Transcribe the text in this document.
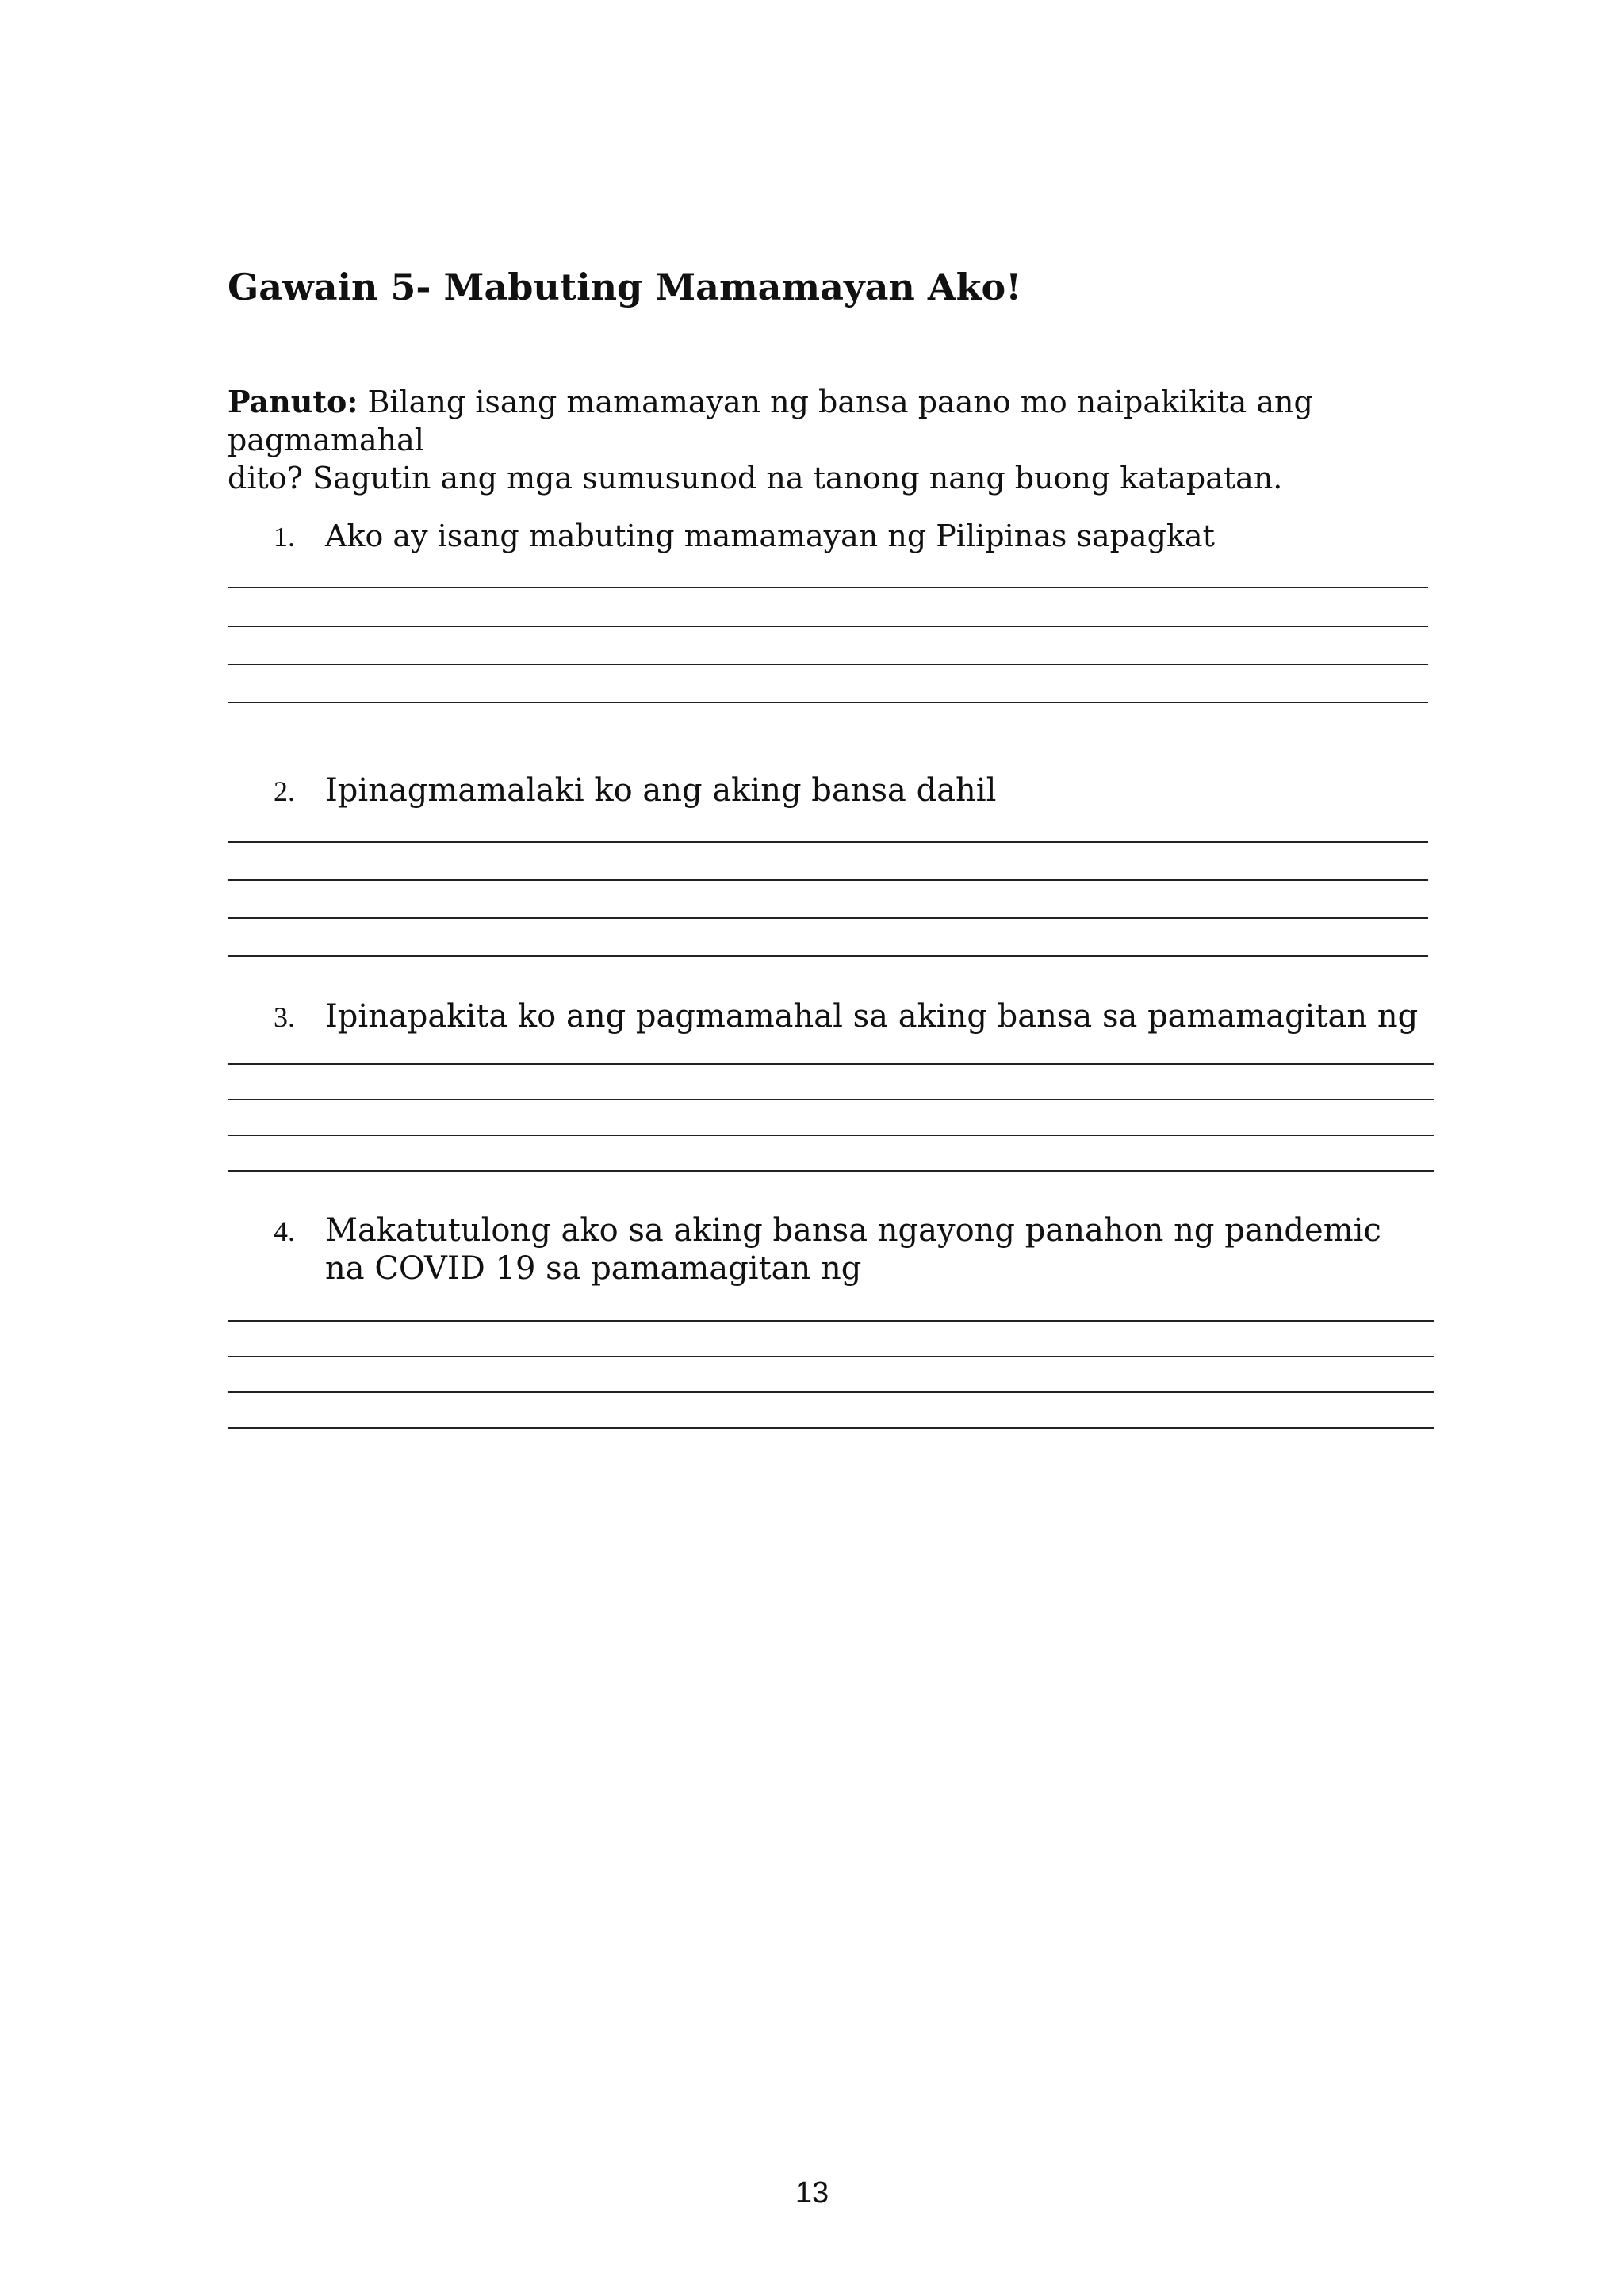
Gawain 5- Mabuting Mamamayan Ako!

Panuto: Bilang isang mamamayan ng bansa paano mo naipakikita ang pagmamahal
dito? Sagutin ang mga sumusunod na tanong nang buong katapatan.

1. Ako ay isang mabuting mamamayan ng Pilipinas sapagkat

2. Ipinagmamalaki ko ang aking bansa dahil

3. Ipinapakita ko ang pagmamahal sa aking bansa sa pamamagitan ng

4. Makatutulong ako sa aking bansa ngayong panahon ng pandemic

na COVID 19 sa pamamagitan ng

13
